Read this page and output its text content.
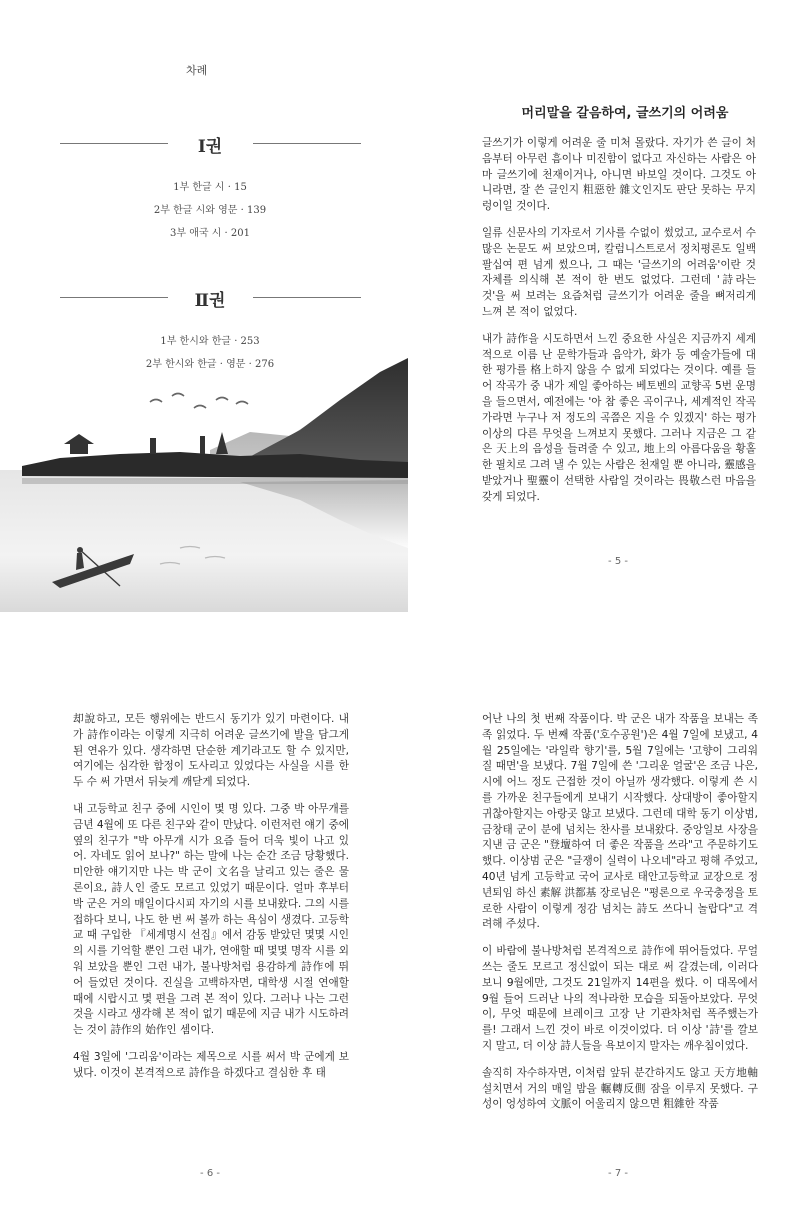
차례
Ⅰ권
1부 한글 시 · 15
2부 한글 시와 영문 · 139
3부 애국 시 · 201
Ⅱ권
1부 한시와 한글 · 253
2부 한시와 한글 · 영문 · 276
머리말을 갈음하여, 글쓰기의 어려움

글쓰기가 이렇게 어려운 줄 미처 몰랐다. 자기가 쓴 글이 처음부터 아무런 흠이나 미진함이 없다고 자신하는 사람은 아마 글쓰기에 천재이거나, 아니면 바보일 것이다. 그것도 아니라면, 잘 쓴 글인지 粗惡한 雜文인지도 판단 못하는 무지렁이일 것이다.

일류 신문사의 기자로서 기사를 수없이 썼었고, 교수로서 수많은 논문도 써 보았으며, 칼럼니스트로서 정치평론도 일백 팔십여 편 넘게 썼으나, 그 때는 '글쓰기의 어려움'이란 것 자체를 의식해 본 적이 한 번도 없었다. 그런데 '詩라는 것'을 써 보려는 요즘처럼 글쓰기가 어려운 줄을 뼈저리게 느껴 본 적이 없었다.

내가 詩作을 시도하면서 느낀 중요한 사실은 지금까지 세계적으로 이름 난 문학가들과 음악가, 화가 등 예술가들에 대한 평가를 格上하지 않을 수 없게 되었다는 것이다. 예를 들어 작곡가 중 내가 제일 좋아하는 베토벤의 교향곡 5번 운명을 들으면서, 예전에는 '아 참 좋은 곡이구나, 세계적인 작곡가라면 누구나 저 정도의 곡쯤은 지을 수 있겠지' 하는 평가 이상의 다른 무엇을 느껴보지 못했다. 그러나 지금은 그 같은 天上의 음성을 들려줄 수 있고, 地上의 아름다움을 황홀한 필치로 그려 낼 수 있는 사람은 천재일 뿐 아니라, 靈感을 받았거나 聖靈이 선택한 사람일 것이라는 畏敬스런 마음을 갖게 되었다.

- 5 -

却說하고, 모든 행위에는 반드시 동기가 있기 마련이다. 내가 詩作이라는 이렇게 지극히 어려운 글쓰기에 발을 담그게 된 연유가 있다. 생각하면 단순한 계기라고도 할 수 있지만, 여기에는 심각한 함정이 도사리고 있었다는 사실을 시를 한두 수 써 가면서 뒤늦게 깨닫게 되었다.

내 고등학교 친구 중에 시인이 몇 명 있다. 그중 박 아무개를 금년 4월에 또 다른 친구와 같이 만났다. 이런저런 얘기 중에 옆의 친구가 "박 아무개 시가 요즘 들어 더욱 빛이 나고 있어. 자네도 읽어 보나?" 하는 말에 나는 순간 조금 당황했다. 미안한 얘기지만 나는 박 군이 文名을 날리고 있는 줄은 물론이요, 詩人인 줄도 모르고 있었기 때문이다. 얼마 후부터 박 군은 거의 매일이다시피 자기의 시를 보내왔다. 그의 시를 접하다 보니, 나도 한 번 써 볼까 하는 욕심이 생겼다. 고등학교 때 구입한 『세계명시 선집』에서 감동 받았던 몇몇 시인의 시를 기억할 뿐인 그런 내가, 연애할 때 몇몇 명작 시를 외워 보았을 뿐인 그런 내가, 불나방처럼 용감하게 詩作에 뛰어 들었던 것이다. 진실을 고백하자면, 대학생 시절 연애할 때에 시랍시고 몇 편을 그려 본 적이 있다. 그러나 나는 그런 것을 시라고 생각해 본 적이 없기 때문에 지금 내가 시도하려는 것이 詩作의 始作인 셈이다.

4월 3일에 '그리움'이라는 제목으로 시를 써서 박 군에게 보냈다. 이것이 본격적으로 詩作을 하겠다고 결심한 후 태

- 6 -

어난 나의 첫 번째 작품이다. 박 군은 내가 작품을 보내는 족족 읽었다. 두 번째 작품('호수공원')은 4월 7일에 보냈고, 4월 25일에는 '라일락 향기'를, 5월 7일에는 '고향이 그리워질 때면'을 보냈다. 7월 7일에 쓴 '그리운 얼굴'은 조금 나은, 시에 어느 정도 근접한 것이 아닐까 생각했다. 이렇게 쓴 시를 가까운 친구들에게 보내기 시작했다. 상대방이 좋아할지 귀찮아할지는 아랑곳 않고 보냈다. 그런데 대학 동기 이상범, 금창태 군이 분에 넘치는 찬사를 보내왔다. 중앙일보 사장을 지낸 금 군은 "登壇하여 더 좋은 작품을 쓰라"고 주문하기도 했다. 이상범 군은 "글쟁이 실력이 나오네"라고 평해 주었고, 40년 넘게 고등학교 국어 교사로 태안고등학교 교장으로 정년퇴임 하신 素解 洪都基 장로님은 "평론으로 우국충정을 토로한 사람이 이렇게 정감 넘치는 詩도 쓰다니 놀랍다"고 격려해 주셨다.

이 바람에 불나방처럼 본격적으로 詩作에 뛰어들었다. 무얼 쓰는 줄도 모르고 정신없이 되는 대로 써 갈겼는데, 이러다 보니 9월에만, 그것도 21일까지 14편을 썼다. 이 대목에서 9월 들어 드러난 나의 적나라한 모습을 되돌아보았다. 무엇이, 무엇 때문에 브레이크 고장 난 기관차처럼 폭주했는가를! 그래서 느낀 것이 바로 이것이었다. 더 이상 '詩'를 깔보지 말고, 더 이상 詩人들을 욕보이지 말자는 깨우침이었다.

솔직히 자수하자면, 이처럼 앞뒤 분간하지도 않고 天方地軸 설치면서 거의 매일 밤을 輾轉反側 잠을 이루지 못했다. 구성이 엉성하여 文脈이 어울리지 않으면 粗雜한 작품

- 7 -
